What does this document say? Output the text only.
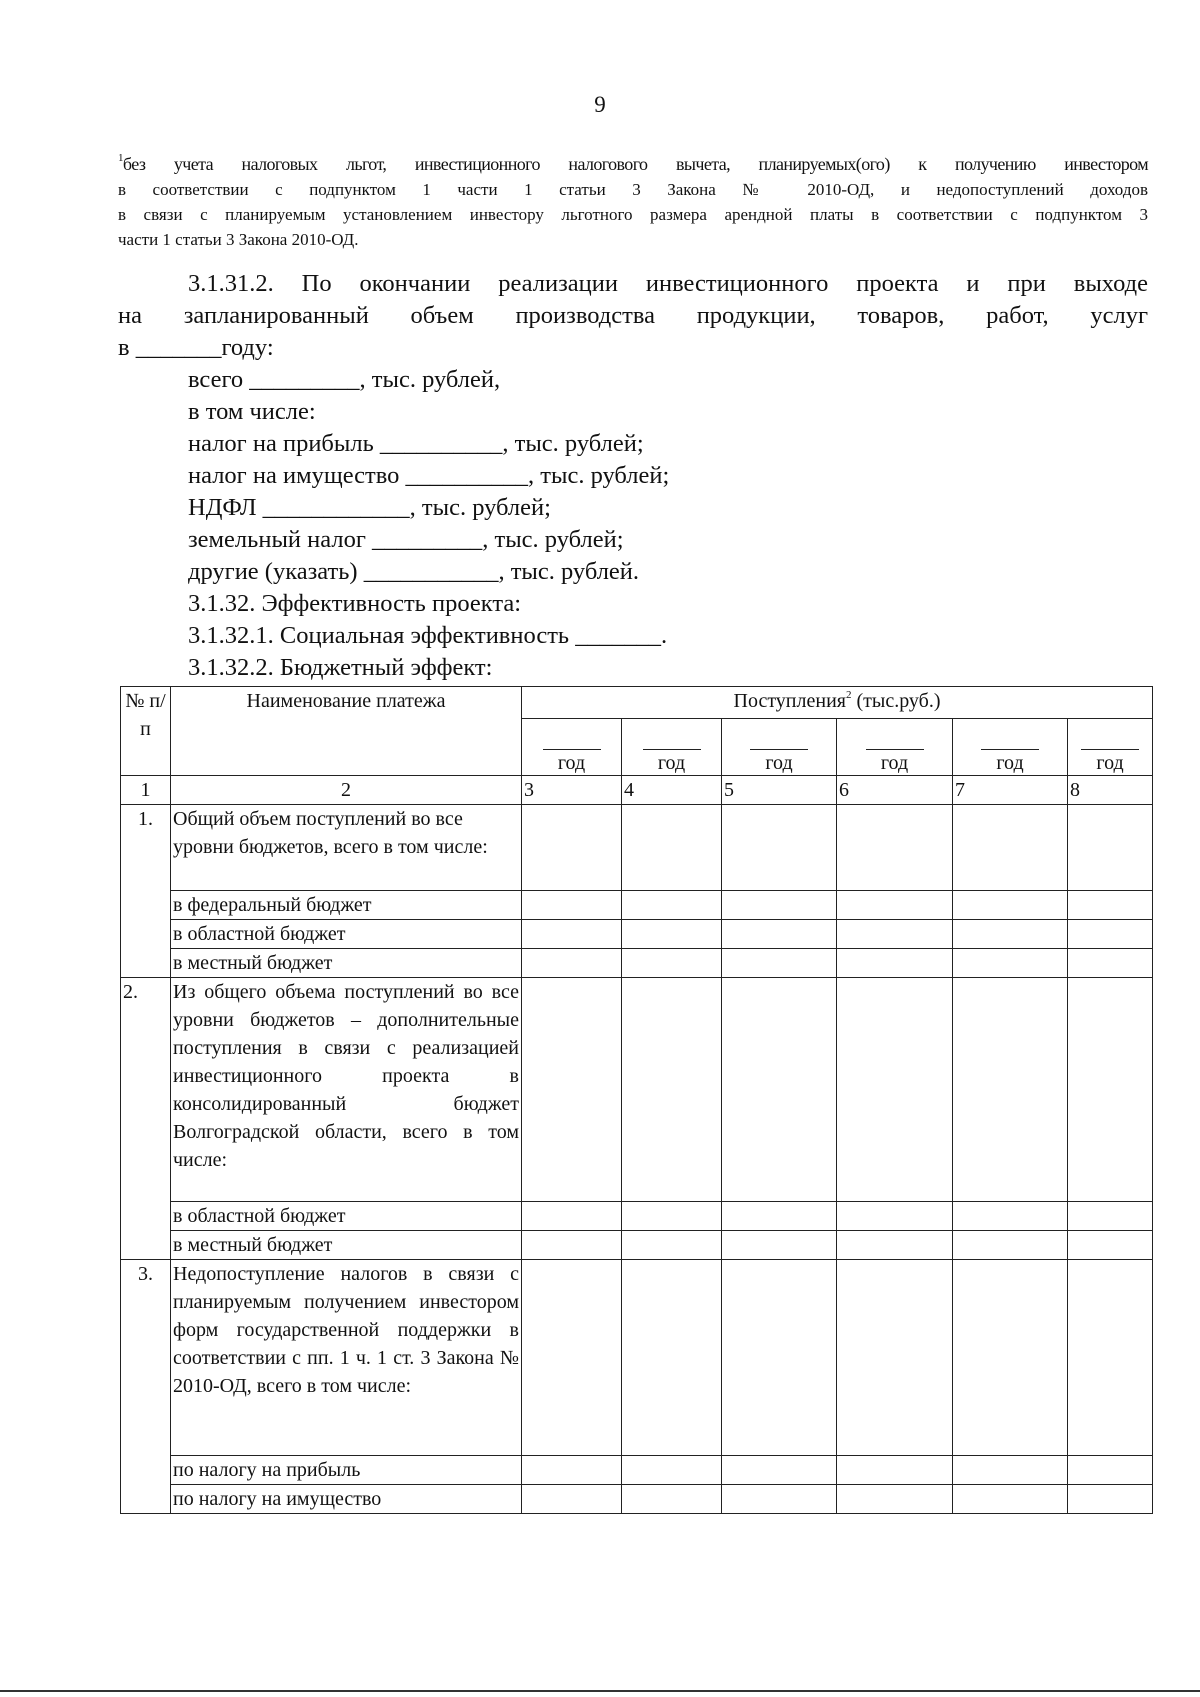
9
$^1$без учета налоговых льгот, инвестиционного налогового вычета, планируемых(ого) к получению инвестором
в соответствии с подпунктом 1 части 1 статьи 3 Закона № 2010-ОД, и недопоступлений доходов
в связи с планируемым установлением инвестору льготного размера арендной платы в соответствии с подпунктом 3
части 1 статьи 3 Закона 2010-ОД.
3.1.31.2. По окончании реализации инвестиционного проекта и при выходе
на запланированный объем производства продукции, товаров, работ, услуг
в _______году:
всего _________, тыс. рублей,
в том числе:
налог на прибыль __________, тыс. рублей;
налог на имущество __________, тыс. рублей;
НДФЛ ____________, тыс. рублей;
земельный налог _________, тыс. рублей;
другие (указать) ___________, тыс. рублей.
3.1.32. Эффективность проекта:
3.1.32.1. Социальная эффективность _______.
3.1.32.2. Бюджетный эффект:
№ п/п	Наименование платежа	Поступления$^2$ (тыс.руб.)					

год	год	год	год	год	год
1	2	3	4	5	6	7	8
1.	Общий объем поступлений во все уровни бюджетов, всего в том числе:						
	в федеральный бюджет						
	в областной бюджет						
	в местный бюджет						
2.	Из общего объема поступлений во все уровни бюджетов – дополнительные поступления в связи с реализацией инвестиционного проекта в консолидированный бюджет Волгоградской области, всего в том числе:						
	в областной бюджет						
	в местный бюджет						
3.	Недопоступление налогов в связи с планируемым получением инвестором форм государственной поддержки в соответствии с пп. 1 ч. 1 ст. 3 Закона № 2010-ОД, всего в том числе:						
	по налогу на прибыль						
	по налогу на имущество						
